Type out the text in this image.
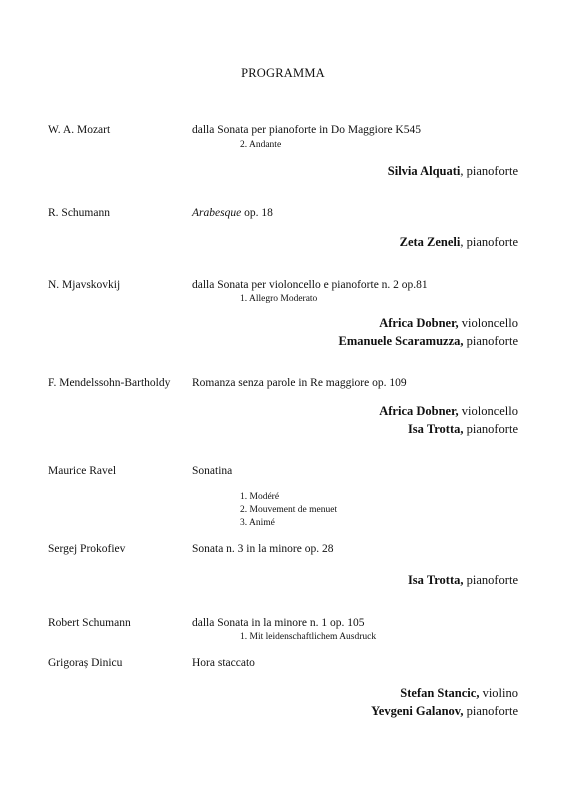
PROGRAMMA
W. A. Mozart	dalla Sonata per pianoforte in Do Maggiore K545
2. Andante
Silvia Alquati, pianoforte
R. Schumann	Arabesque op. 18
Zeta Zeneli, pianoforte
N. Mjavskovkij	dalla Sonata per violoncello e pianoforte n. 2 op.81
1. Allegro Moderato
Africa Dobner, violoncello
Emanuele Scaramuzza, pianoforte
F. Mendelssohn-Bartholdy Romanza senza parole in Re maggiore op. 109
Africa Dobner, violoncello
Isa Trotta, pianoforte
Maurice Ravel	Sonatina
1. Modéré
2. Mouvement de menuet
3. Animé
Sergej Prokofiev	Sonata n. 3 in la minore op. 28
Isa Trotta, pianoforte
Robert Schumann	dalla Sonata in la minore n. 1 op. 105
1. Mit leidenschaftlichem Ausdruck
Grigoraș Dinicu	Hora staccato
Stefan Stancic, violino
Yevgeni Galanov, pianoforte
